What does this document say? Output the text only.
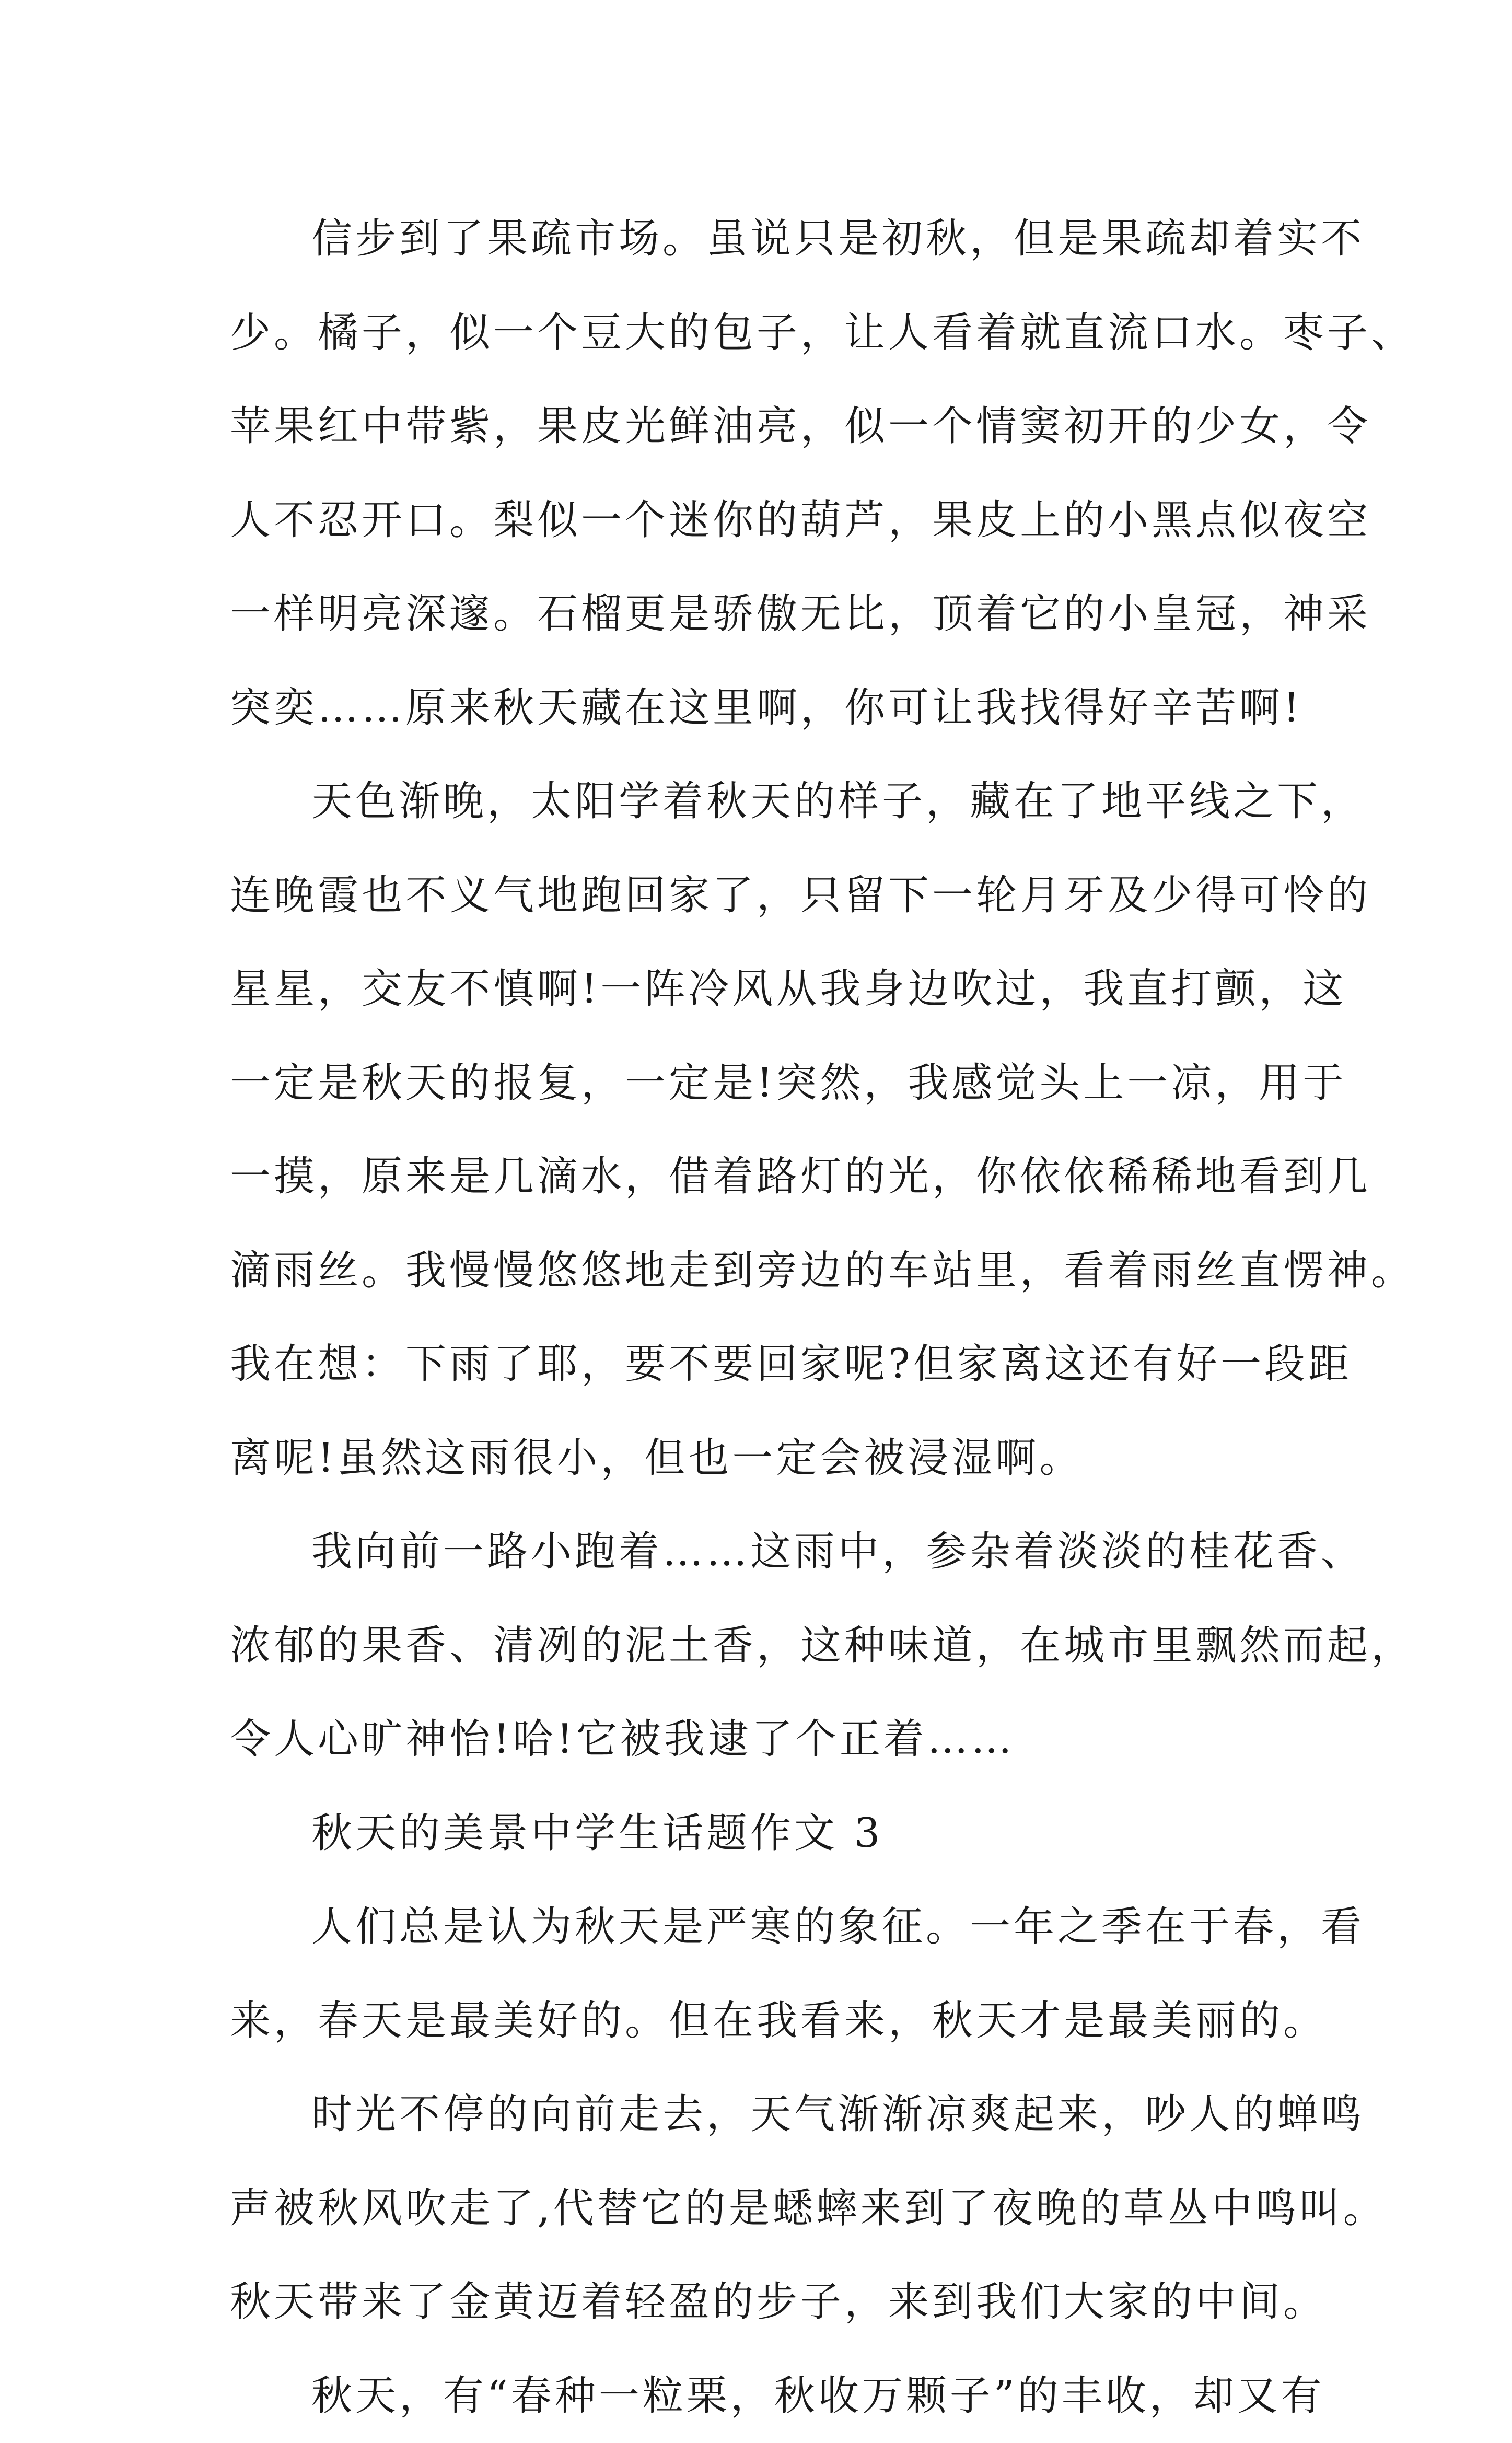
信步到了果疏市场。虽说只是初秋，但是果疏却着实不
少。橘子，似一个豆大的包子，让人看着就直流口水。枣子、
苹果红中带紫，果皮光鲜油亮，似一个情窦初开的少女，令
人不忍开口。梨似一个迷你的葫芦，果皮上的小黑点似夜空
一样明亮深邃。石榴更是骄傲无比，顶着它的小皇冠，神采
突奕……原来秋天藏在这里啊，你可让我找得好辛苦啊!
天色渐晚，太阳学着秋天的样子，藏在了地平线之下，
连晚霞也不义气地跑回家了，只留下一轮月牙及少得可怜的
星星，交友不慎啊!一阵冷风从我身边吹过，我直打颤，这
一定是秋天的报复，一定是!突然，我感觉头上一凉，用于
一摸，原来是几滴水，借着路灯的光，你依依稀稀地看到几
滴雨丝。我慢慢悠悠地走到旁边的车站里，看着雨丝直愣神。
我在想：下雨了耶，要不要回家呢?但家离这还有好一段距
离呢!虽然这雨很小，但也一定会被浸湿啊。
我向前一路小跑着……这雨中，参杂着淡淡的桂花香、
浓郁的果香、清冽的泥土香，这种味道，在城市里飘然而起，
令人心旷神怡!哈!它被我逮了个正着……
秋天的美景中学生话题作文 3
人们总是认为秋天是严寒的象征。一年之季在于春，看
来，春天是最美好的。但在我看来，秋天才是最美丽的。
时光不停的向前走去，天气渐渐凉爽起来，吵人的蝉鸣
声被秋风吹走了,代替它的是蟋蟀来到了夜晚的草丛中鸣叫。
秋天带来了金黄迈着轻盈的步子，来到我们大家的中间。
秋天，有“春种一粒栗，秋收万颗子”的丰收，却又有
